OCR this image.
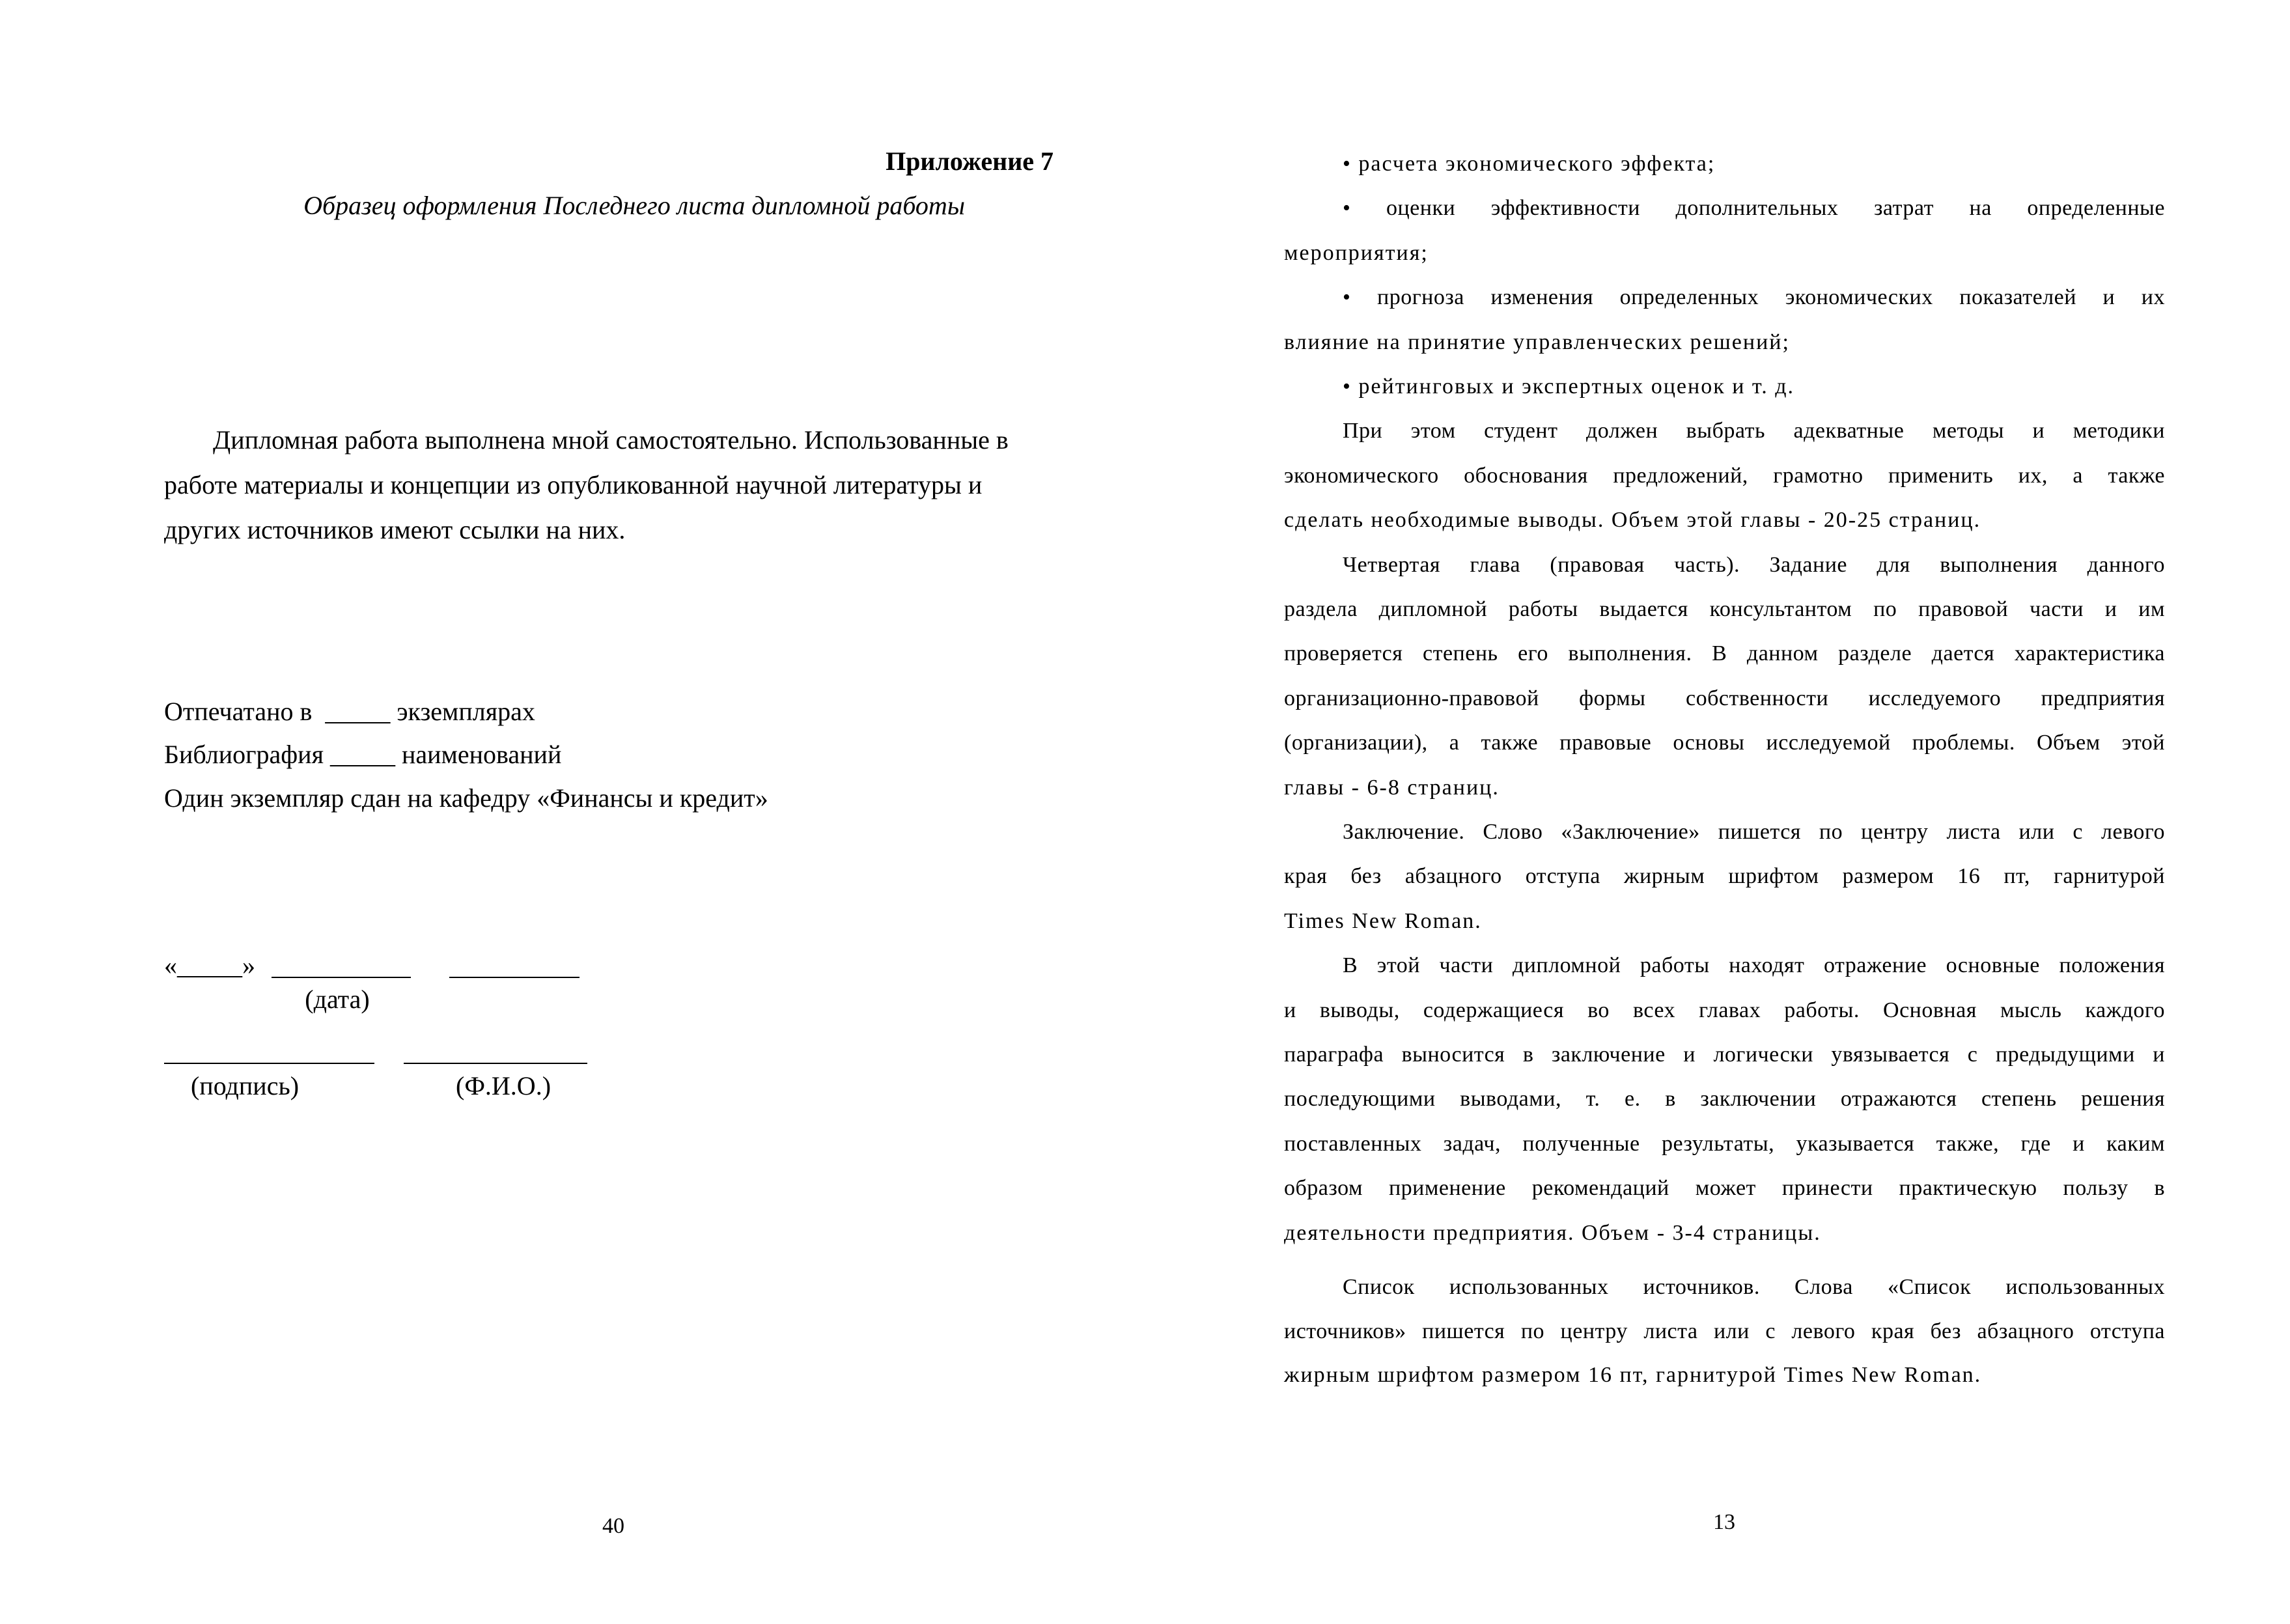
Приложение 7
Образец оформления Последнего листа дипломной работы
Дипломная работа выполнена мной самостоятельно. Использованные в
работе материалы и концепции из опубликованной научной литературы и
других источников имеют ссылки на них.
Отпечатано в _____ экземплярах
Библиография _____ наименований
Один экземпляр сдан на кафедру «Финансы и кредит»
«_____»
(дата)
(подпись)	(Ф.И.О.)
40
• расчета экономического эффекта;
• оценки эффективности дополнительных затрат на определенные
мероприятия;
• прогноза изменения определенных экономических показателей и их
влияние на принятие управленческих решений;
• рейтинговых и экспертных оценок и т. д.
При этом студент должен выбрать адекватные методы и методики
экономического обоснования предложений, грамотно применить их, а также
сделать необходимые выводы. Объем этой главы - 20-25 страниц.
Четвертая глава (правовая часть). Задание для выполнения данного
раздела дипломной работы выдается консультантом по правовой части и им
проверяется степень его выполнения. В данном разделе дается характеристика
организационно-правовой формы собственности исследуемого предприятия
(организации), а также правовые основы исследуемой проблемы. Объем этой
главы - 6-8 страниц.
Заключение. Слово «Заключение» пишется по центру листа или с левого
края без абзацного отступа жирным шрифтом размером 16 пт, гарнитурой
Times New Roman.
В этой части дипломной работы находят отражение основные положения
и выводы, содержащиеся во всех главах работы. Основная мысль каждого
параграфа выносится в заключение и логически увязывается с предыдущими и
последующими выводами, т. е. в заключении отражаются степень решения
поставленных задач, полученные результаты, указывается также, где и каким
образом применение рекомендаций может принести практическую пользу в
деятельности предприятия. Объем - 3-4 страницы.
Список использованных источников. Слова «Список использованных
источников» пишется по центру листа или с левого края без абзацного отступа
жирным шрифтом размером 16 пт, гарнитурой Times New Roman.
13
